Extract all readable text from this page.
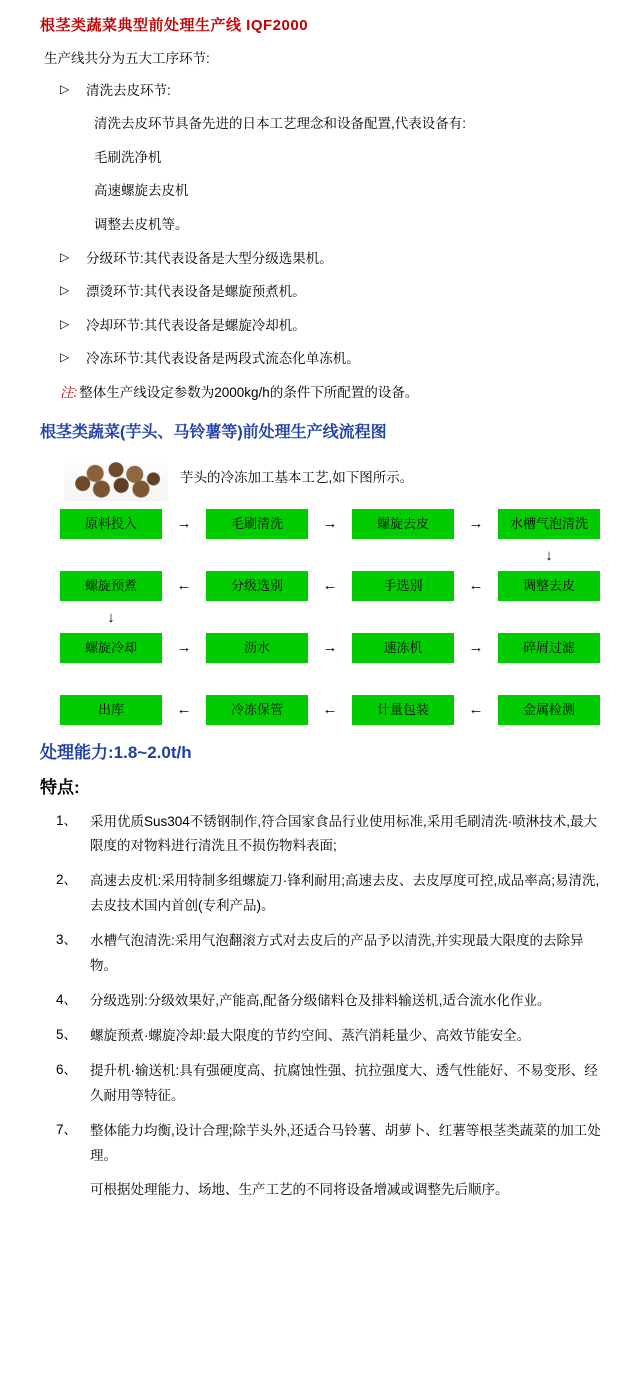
根茎类蔬菜典型前处理生产线 IQF2000
生产线共分为五大工序环节:
▷	清洗去皮环节:
清洗去皮环节具备先进的日本工艺理念和设备配置,代表设备有:
毛刷洗净机
高速螺旋去皮机
调整去皮机等。
▷	分级环节:其代表设备是大型分级选果机。
▷	漂烫环节:其代表设备是螺旋预煮机。
▷	冷却环节:其代表设备是螺旋冷却机。
▷	冷冻环节:其代表设备是两段式流态化单冻机。
注: 整体生产线设定参数为2000kg/h的条件下所配置的设备。
根茎类蔬菜(芋头、马铃薯等)前处理生产线流程图
芋头的冷冻加工基本工艺,如下图所示。
原料投入	→	毛刷清洗	→	螺旋去皮	→	水槽气泡清洗
↓
螺旋预煮	←	分级选别	←	手选别	←	调整去皮
↓
螺旋冷却	→	沥水	→	速冻机	→	碎屑过滤
出库	←	冷冻保管	←	计量包装	←	金属检测
处理能力:1.8~2.0t/h
特点:
1、 采用优质Sus304不锈钢制作,符合国家食品行业使用标准,采用毛刷清洗·喷淋技术,最大限度的对物料进行清洗且不损伤物料表面;
2、 高速去皮机:采用特制多组螺旋刀·锋利耐用;高速去皮、去皮厚度可控,成品率高;易清洗,去皮技术国内首创(专利产品)。
3、 水槽气泡清洗:采用气泡翻滚方式对去皮后的产品予以清洗,并实现最大限度的去除异物。
4、 分级选别:分级效果好,产能高,配备分级储料仓及排料输送机,适合流水化作业。
5、 螺旋预煮·螺旋冷却:最大限度的节约空间、蒸汽消耗量少、高效节能安全。
6、 提升机·输送机:具有强硬度高、抗腐蚀性强、抗拉强度大、透气性能好、不易变形、经久耐用等特征。
7、 整体能力均衡,设计合理;除芋头外,还适合马铃薯、胡萝卜、红薯等根茎类蔬菜的加工处理。
可根据处理能力、场地、生产工艺的不同将设备增减或调整先后顺序。
